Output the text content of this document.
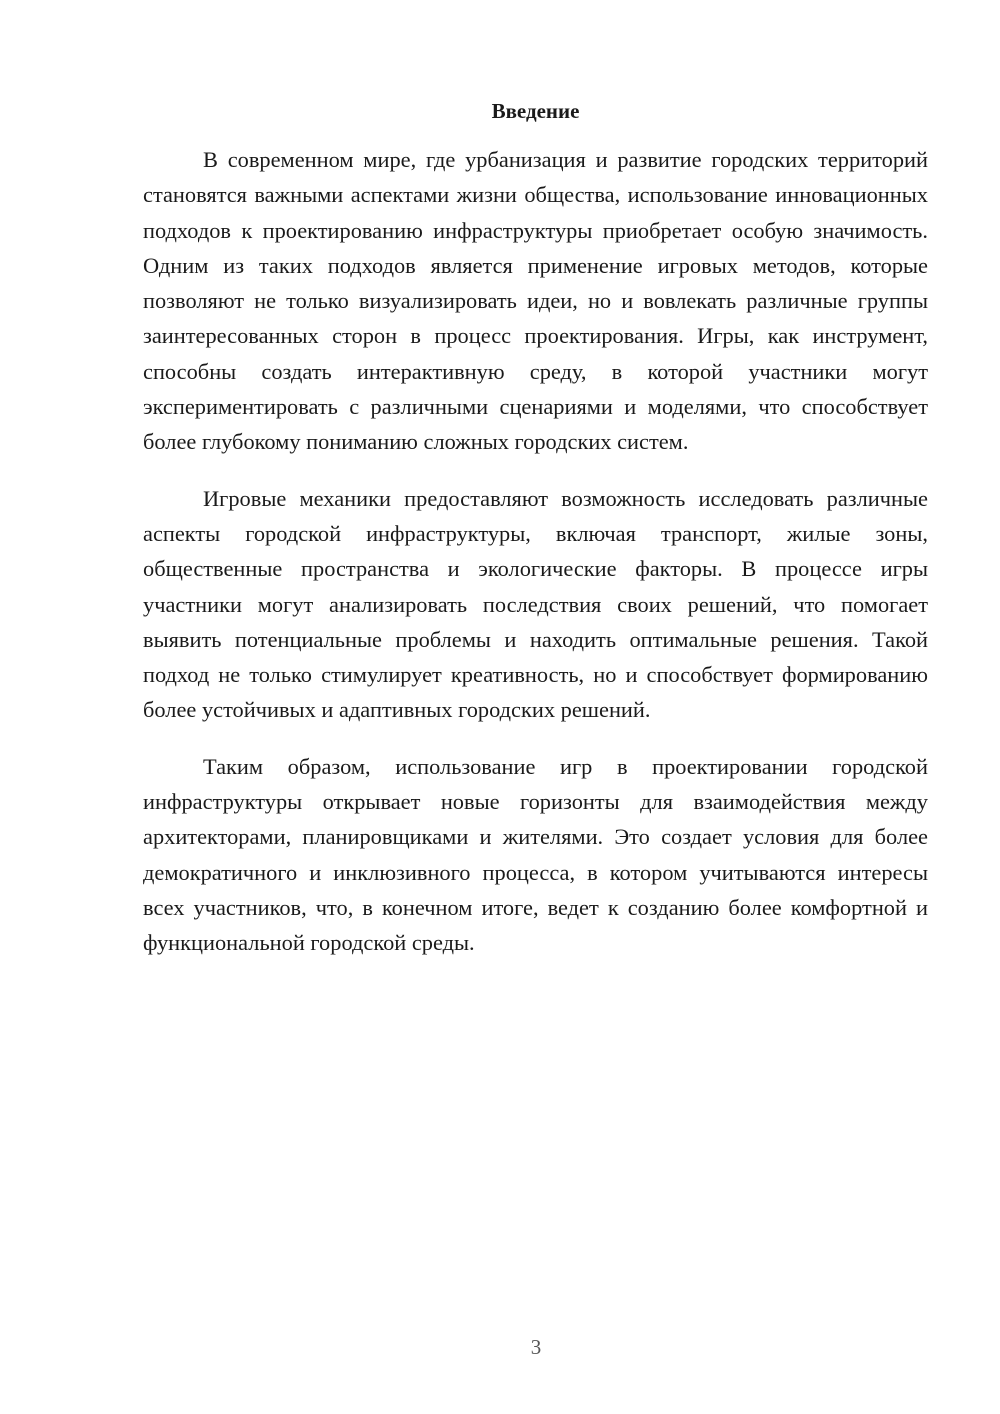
Введение

В современном мире, где урбанизация и развитие городских территорий становятся важными аспектами жизни общества, использование инновационных подходов к проектированию инфраструктуры приобретает особую значимость. Одним из таких подходов является применение игровых методов, которые позволяют не только визуализировать идеи, но и вовлекать различные группы заинтересованных сторон в процесс проектирования. Игры, как инструмент, способны создать интерактивную среду, в которой участники могут экспериментировать с различными сценариями и моделями, что способствует более глубокому пониманию сложных городских систем.

Игровые механики предоставляют возможность исследовать различные аспекты городской инфраструктуры, включая транспорт, жилые зоны, общественные пространства и экологические факторы. В процессе игры участники могут анализировать последствия своих решений, что помогает выявить потенциальные проблемы и находить оптимальные решения. Такой подход не только стимулирует креативность, но и способствует формированию более устойчивых и адаптивных городских решений.

Таким образом, использование игр в проектировании городской инфраструктуры открывает новые горизонты для взаимодействия между архитекторами, планировщиками и жителями. Это создает условия для более демократичного и инклюзивного процесса, в котором учитываются интересы всех участников, что, в конечном итоге, ведет к созданию более комфортной и функциональной городской среды.

3
